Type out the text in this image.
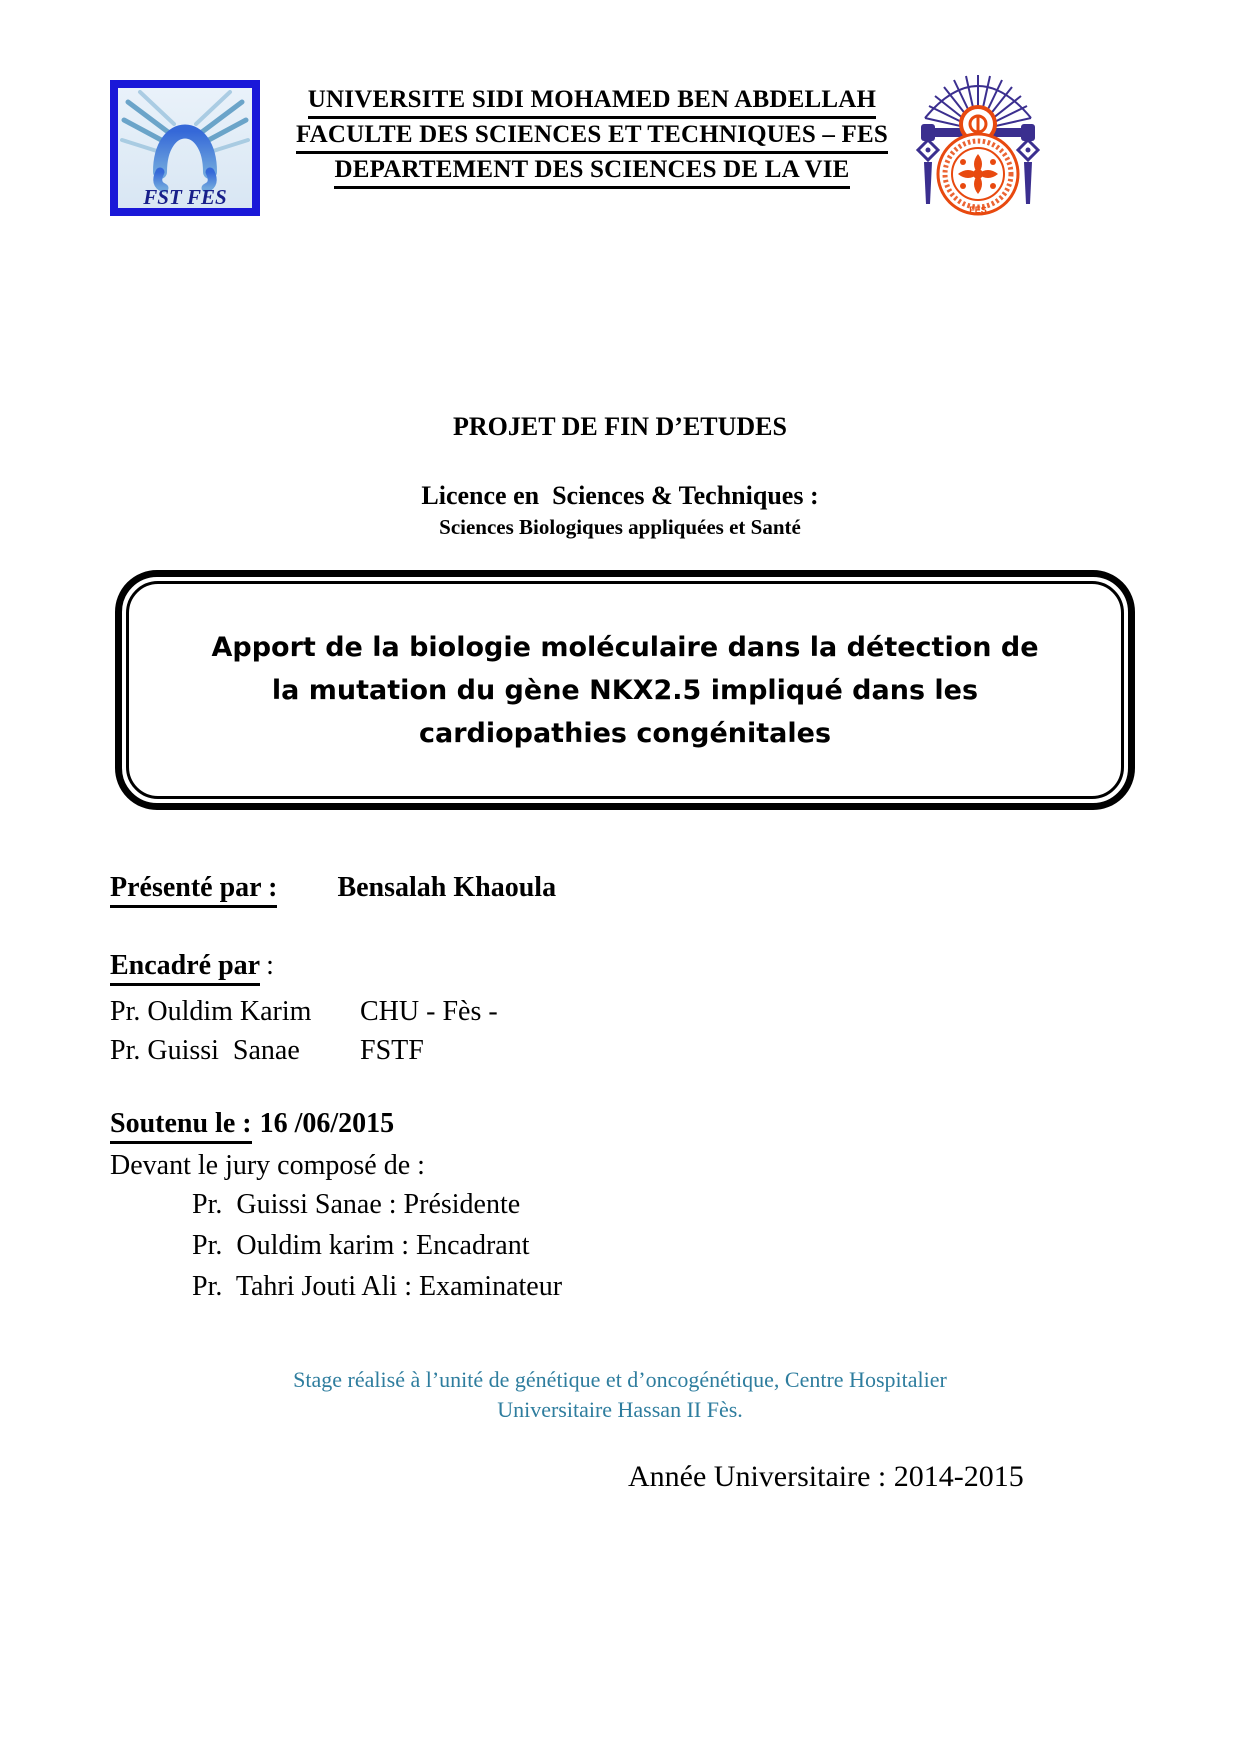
FST FES
UNIVERSITE SIDI MOHAMED BEN ABDELLAH
FACULTE DES SCIENCES ET TECHNIQUES – FES
DEPARTEMENT DES SCIENCES DE LA VIE
FES
PROJET DE FIN D’ETUDES
Licence en  Sciences & Techniques :
Sciences Biologiques appliquées et Santé
Apport de la biologie moléculaire dans la détection de
la mutation du gène NKX2.5 impliqué dans les
cardiopathies congénitales
Présenté par : Bensalah Khaoula
Encadré par :
Pr. Ouldim Karim	CHU - Fès -
Pr. Guissi  Sanae	FSTF
Soutenu le : 16 /06/2015
Devant le jury composé de :
Pr.  Guissi Sanae : Présidente
Pr.  Ouldim karim : Encadrant
Pr.  Tahri Jouti Ali : Examinateur
Stage réalisé à l’unité de génétique et d’oncogénétique, Centre Hospitalier
Universitaire Hassan II Fès.
Année Universitaire : 2014-2015
